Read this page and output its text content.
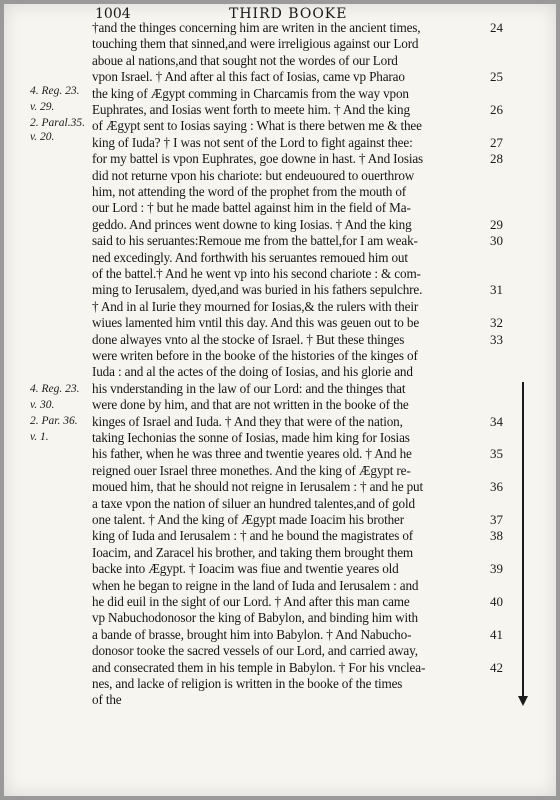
1004	THIRD BOOKE
†and the thinges concerning him are writen in the ancient times,	24
touching them that sinned,and were irreligious against our Lord
aboue al nations,and that sought not the wordes of our Lord
vpon Israel. † And after al this fact of Iosias, came vp Pharao	25
the king of Ægypt comming in Charcamis from the way vpon
Euphrates, and Iosias went forth to meete him. † And the king	26
of Ægypt sent to Iosias saying : What is there betwen me & thee
king of Iuda? † I was not sent of the Lord to fight against thee:	27
for my battel is vpon Euphrates, goe downe in hast. † And Iosias	28
did not returne vpon his chariote: but endeuoured to ouerthrow
him, not attending the word of the prophet from the mouth of
our Lord : † but he made battel against him in the field of Ma-
geddo. And princes went downe to king Iosias. † And the king	29
said to his seruantes:Remoue me from the battel,for I am weak-	30
ned excedingly. And forthwith his seruantes remoued him out
of the battel.† And he went vp into his second chariote : & com-
ming to Ierusalem, dyed,and was buried in his fathers sepulchre.	31
† And in al Iurie they mourned for Iosias,& the rulers with their
wiues lamented him vntil this day. And this was geuen out to be	32
done alwayes vnto al the stocke of Israel. † But these thinges	33
were writen before in the booke of the histories of the kinges of
Iuda : and al the actes of the doing of Iosias, and his glorie and
his vnderstanding in the law of our Lord: and the thinges that
were done by him, and that are not written in the booke of the
kinges of Israel and Iuda. † And they that were of the nation,	34
taking Iechonias the sonne of Iosias, made him king for Iosias
his father, when he was three and twentie yeares old. † And he	35
reigned ouer Israel three monethes. And the king of Ægypt re-
moued him, that he should not reigne in Ierusalem : † and he put	36
a taxe vpon the nation of siluer an hundred talentes,and of gold
one talent. † And the king of Ægypt made Ioacim his brother	37
king of Iuda and Ierusalem : † and he bound the magistrates of	38
Ioacim, and Zaracel his brother, and taking them brought them
backe into Ægypt. † Ioacim was fiue and twentie yeares old	39
when he began to reigne in the land of Iuda and Ierusalem : and
he did euil in the sight of our Lord. † And after this man came	40
vp Nabuchodonosor the king of Babylon, and binding him with
a bande of brasse, brought him into Babylon. † And Nabucho-	41
donosor tooke the sacred vessels of our Lord, and carried away,
and consecrated them in his temple in Babylon. † For his vnclea-	42
nes, and lacke of religion is written in the booke of the times
of the
4. Reg. 23.
v. 29.
2. Paral.35.
v. 20.
4. Reg. 23.
v. 30.
2. Par. 36.
v. 1.
